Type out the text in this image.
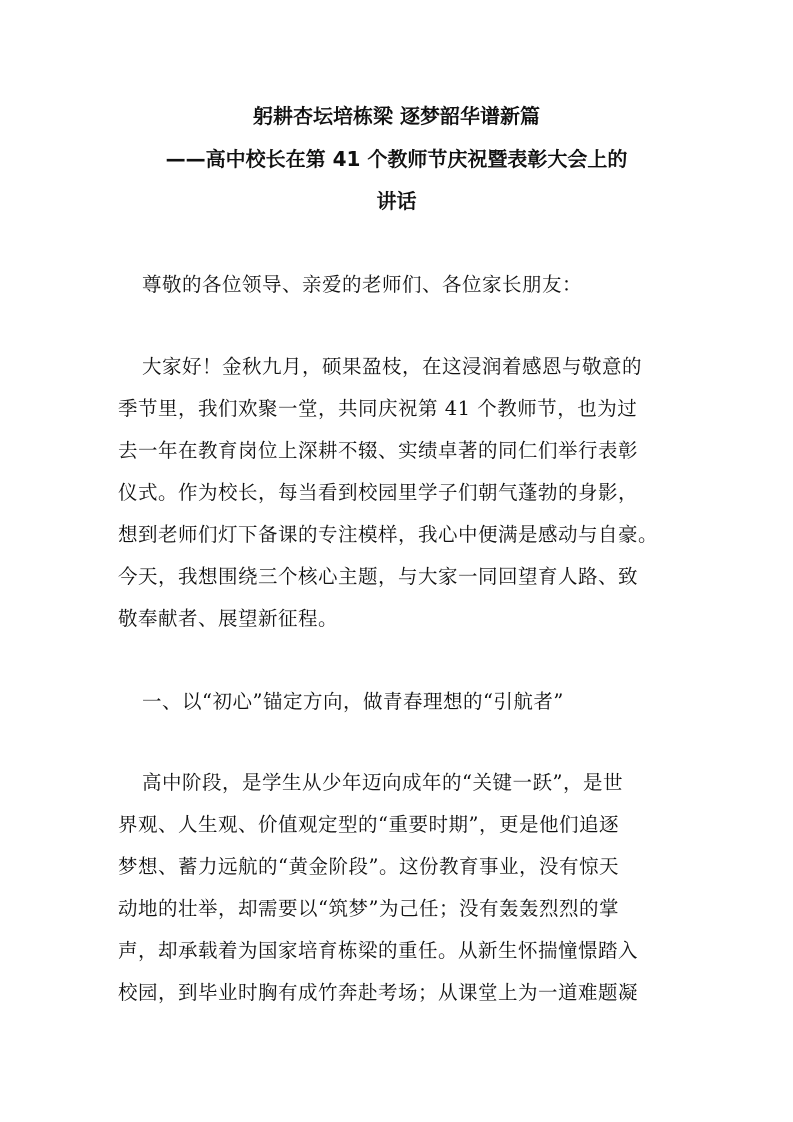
躬耕杏坛培栋梁 逐梦韶华谱新篇
——高中校长在第 41 个教师节庆祝暨表彰大会上的
讲话
尊敬的各位领导、亲爱的老师们、各位家长朋友：
大家好！金秋九月，硕果盈枝，在这浸润着感恩与敬意的
季节里，我们欢聚一堂，共同庆祝第 41 个教师节，也为过
去一年在教育岗位上深耕不辍、实绩卓著的同仁们举行表彰
仪式。作为校长，每当看到校园里学子们朝气蓬勃的身影，
想到老师们灯下备课的专注模样，我心中便满是感动与自豪。
今天，我想围绕三个核心主题，与大家一同回望育人路、致
敬奉献者、展望新征程。
一、以“初心”锚定方向，做青春理想的“引航者”
高中阶段，是学生从少年迈向成年的“关键一跃”，是世
界观、人生观、价值观定型的“重要时期”，更是他们追逐
梦想、蓄力远航的“黄金阶段”。这份教育事业，没有惊天
动地的壮举，却需要以“筑梦”为己任；没有轰轰烈烈的掌
声，却承载着为国家培育栋梁的重任。从新生怀揣憧憬踏入
校园，到毕业时胸有成竹奔赴考场；从课堂上为一道难题凝
